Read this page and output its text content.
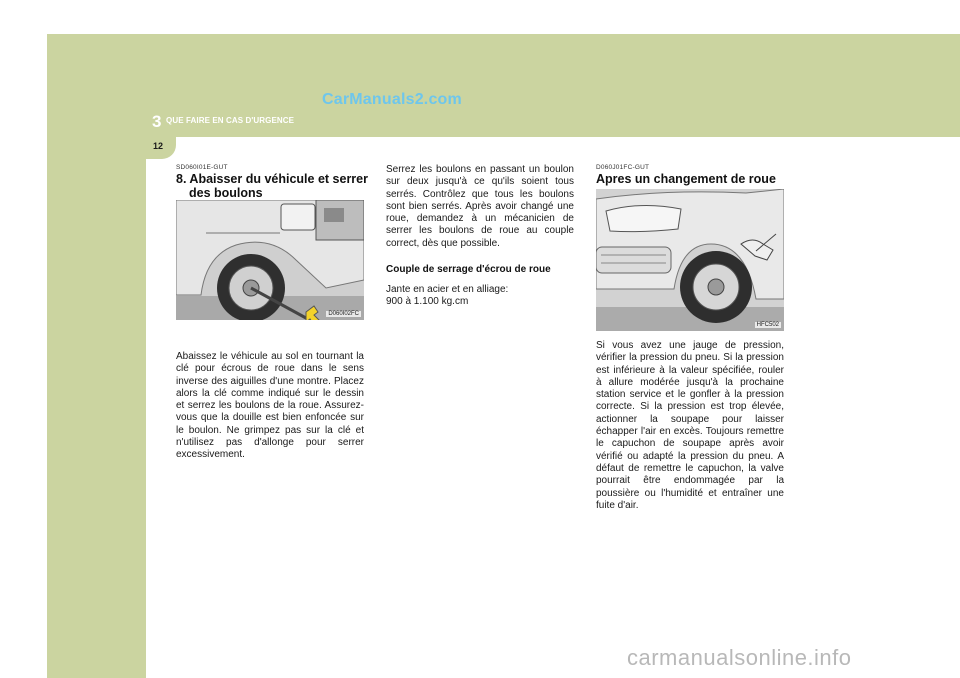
CarManuals2.com
3 QUE FAIRE EN CAS D'URGENCE
12
SD060I01E-GUT
8. Abaisser du véhicule et serrer
des boulons
D060I02FC

Abaissez le véhicule au sol en tournant la clé pour écrous de roue dans le sens inverse des aiguilles d'une montre. Placez alors la clé comme indiqué sur le dessin et serrez les boulons de la roue. Assurez-vous que la douille est bien enfoncée sur le boulon. Ne grimpez pas sur la clé et n'utilisez pas d'allonge pour serrer excessivement.

Serrez les boulons en passant un boulon sur deux jusqu'à ce qu'ils soient tous serrés. Contrôlez que tous les boulons sont bien serrés. Après avoir changé une roue, demandez à un mécanicien de serrer les boulons de roue au couple correct, dès que possible.

Couple de serrage d'écrou de roue
Jante en acier et en alliage:
900 à 1.100 kg.cm
D060J01FC-GUT
Apres un changement de roue
HFC502

Si vous avez une jauge de pression, vérifier la pression du pneu. Si la pression est inférieure à la valeur spécifiée, rouler à allure modérée jusqu'à la prochaine station service et le gonfler à la pression correcte. Si la pression est trop élevée, actionner la soupape pour laisser échapper l'air en excès. Toujours remettre le capuchon de soupape après avoir vérifié ou adapté la pression du pneu. A défaut de remettre le capuchon, la valve pourrait être endommagée par la poussière ou l'humidité et entraîner une fuite d'air.

carmanualsonline.info
